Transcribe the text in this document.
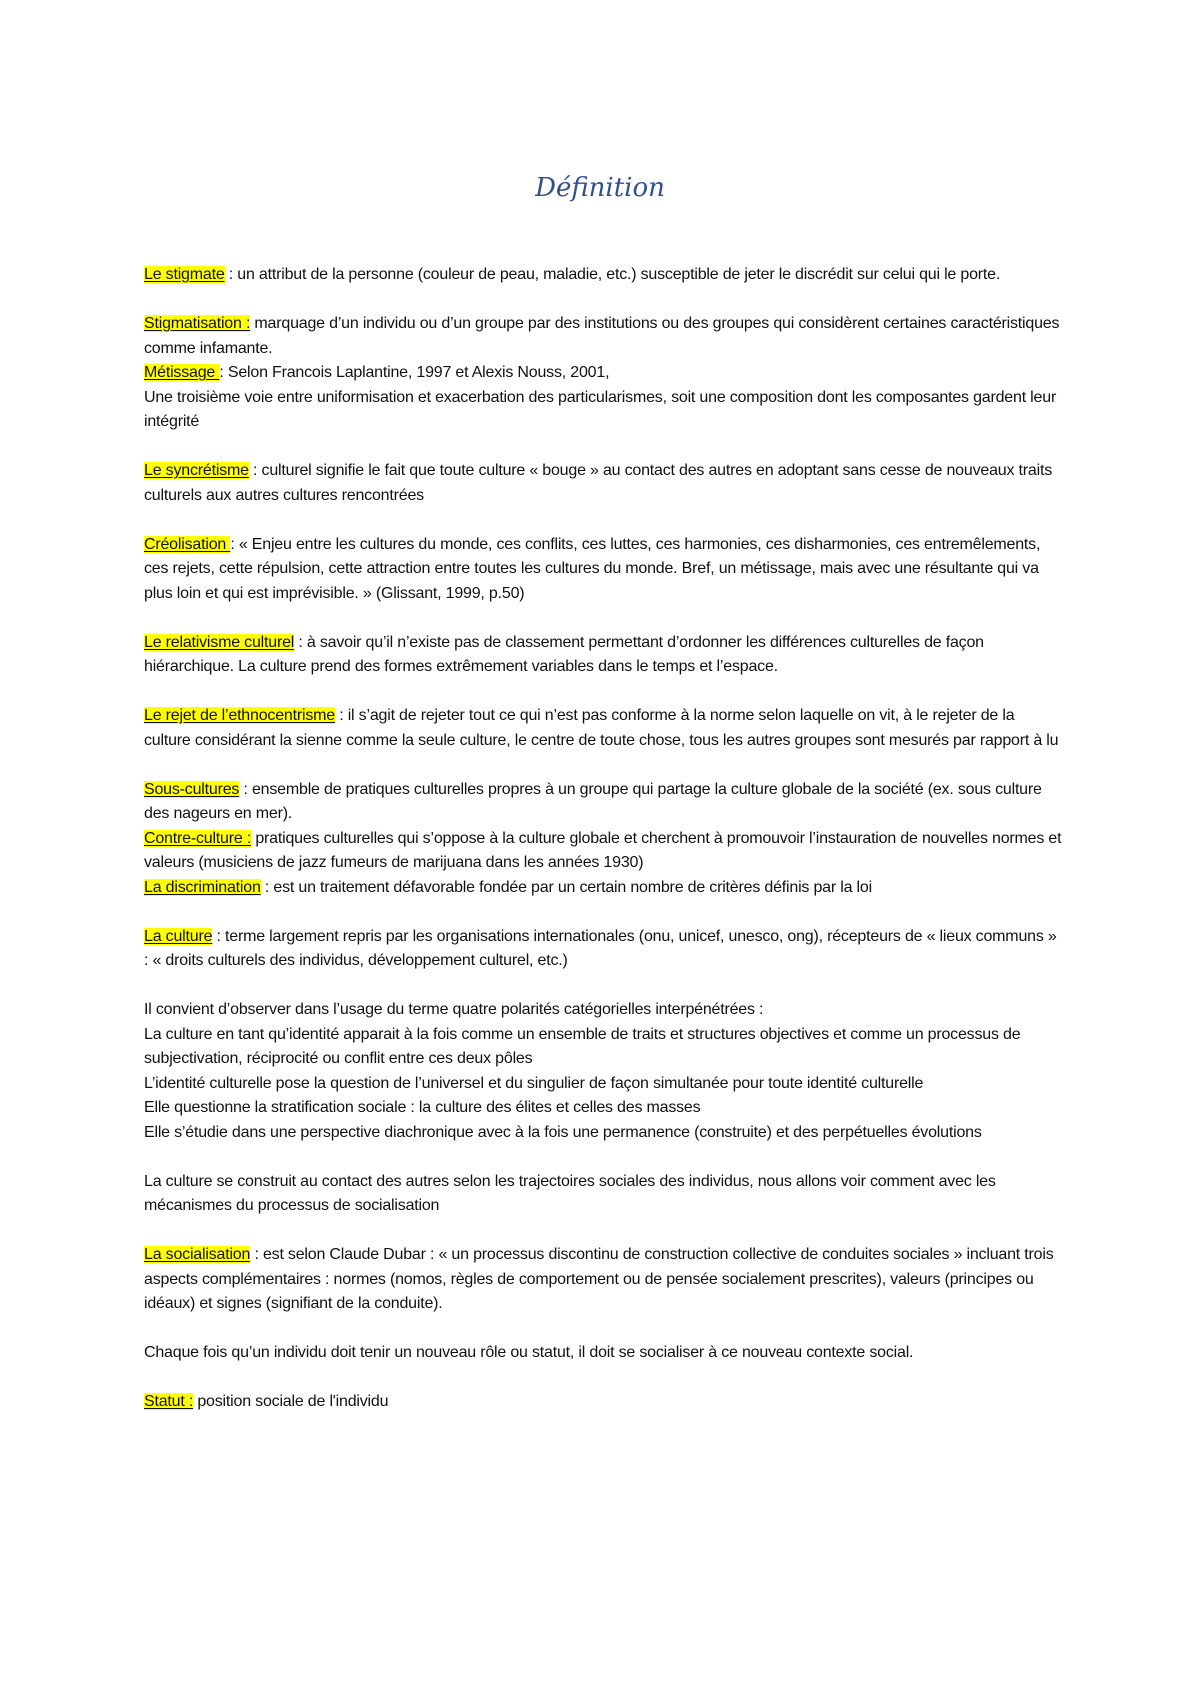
Définition

Le stigmate : un attribut de la personne (couleur de peau, maladie, etc.) susceptible de jeter le discrédit sur celui qui le porte.

Stigmatisation : marquage d’un individu ou d’un groupe par des institutions ou des groupes qui considèrent certaines caractéristiques comme infamante.

Métissage : Selon Francois Laplantine, 1997 et Alexis Nouss, 2001,

Une troisième voie entre uniformisation et exacerbation des particularismes, soit une composition dont les composantes gardent leur intégrité

Le syncrétisme : culturel signifie le fait que toute culture « bouge » au contact des autres en adoptant sans cesse de nouveaux traits culturels aux autres cultures rencontrées

Créolisation : « Enjeu entre les cultures du monde, ces conflits, ces luttes, ces harmonies, ces disharmonies, ces entremêlements, ces rejets, cette répulsion, cette attraction entre toutes les cultures du monde. Bref, un métissage, mais avec une résultante qui va plus loin et qui est imprévisible. » (Glissant, 1999, p.50)

Le relativisme culturel : à savoir qu’il n’existe pas de classement permettant d’ordonner les différences culturelles de façon hiérarchique. La culture prend des formes extrêmement variables dans le temps et l’espace.

Le rejet de l’ethnocentrisme : il s’agit de rejeter tout ce qui n’est pas conforme à la norme selon laquelle on vit, à le rejeter de la culture considérant la sienne comme la seule culture, le centre de toute chose, tous les autres groupes sont mesurés par rapport à lu

Sous-cultures : ensemble de pratiques culturelles propres à un groupe qui partage la culture globale de la société (ex. sous culture des nageurs en mer).

Contre-culture : pratiques culturelles qui s’oppose à la culture globale et cherchent à promouvoir l’instauration de nouvelles normes et valeurs (musiciens de jazz fumeurs de marijuana dans les années 1930)

La discrimination : est un traitement défavorable fondée par un certain nombre de critères définis par la loi

La culture : terme largement repris par les organisations internationales (onu, unicef, unesco, ong), récepteurs de « lieux communs » : « droits culturels des individus, développement culturel, etc.)

Il convient d’observer dans l’usage du terme quatre polarités catégorielles interpénétrées :

La culture en tant qu’identité apparait à la fois comme un ensemble de traits et structures objectives et comme un processus de subjectivation, réciprocité ou conflit entre ces deux pôles

L’identité culturelle pose la question de l’universel et du singulier de façon simultanée pour toute identité culturelle

Elle questionne la stratification sociale : la culture des élites et celles des masses

Elle s’étudie dans une perspective diachronique avec à la fois une permanence (construite) et des perpétuelles évolutions

La culture se construit au contact des autres selon les trajectoires sociales des individus, nous allons voir comment avec les mécanismes du processus de socialisation

La socialisation : est selon Claude Dubar : « un processus discontinu de construction collective de conduites sociales » incluant trois aspects complémentaires : normes (nomos, règles de comportement ou de pensée socialement prescrites), valeurs (principes ou idéaux) et signes (signifiant de la conduite).

Chaque fois qu’un individu doit tenir un nouveau rôle ou statut, il doit se socialiser à ce nouveau contexte social.

Statut : position sociale de l'individu
